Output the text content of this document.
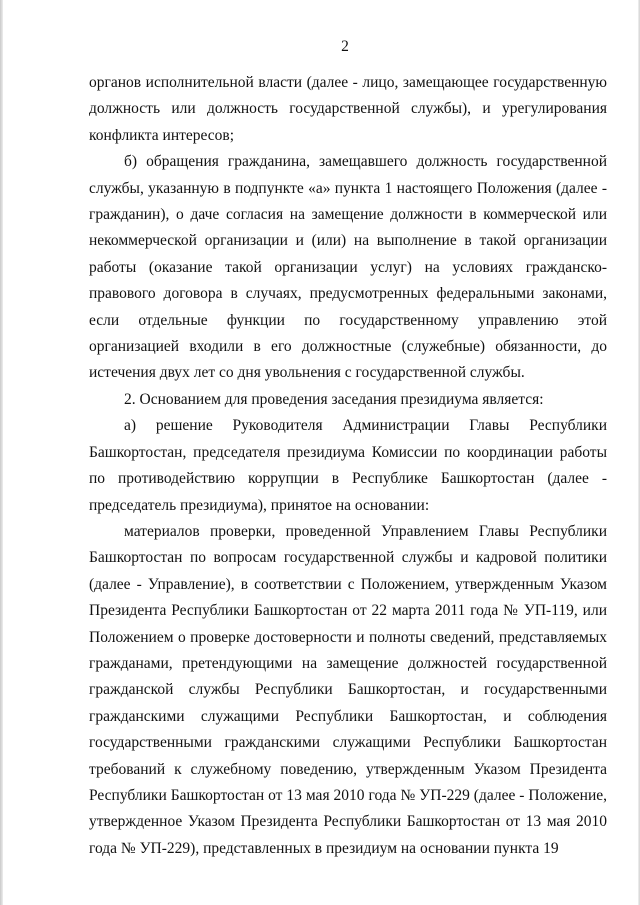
2

органов исполнительной власти (далее - лицо, замещающее государственную должность или должность государственной службы), и урегулирования конфликта интересов;

б) обращения гражданина, замещавшего должность государственной службы, указанную в подпункте «а» пункта 1 настоящего Положения (далее - гражданин), о даче согласия на замещение должности в коммерческой или некоммерческой организации и (или) на выполнение в такой организации работы (оказание такой организации услуг) на условиях гражданско-правового договора в случаях, предусмотренных федеральными законами, если отдельные функции по государственному управлению этой организацией входили в его должностные (служебные) обязанности, до истечения двух лет со дня увольнения с государственной службы.

2. Основанием для проведения заседания президиума является:

а) решение Руководителя Администрации Главы Республики Башкортостан, председателя президиума Комиссии по координации работы по противодействию коррупции в Республике Башкортостан (далее - председатель президиума), принятое на основании:

материалов проверки, проведенной Управлением Главы Республики Башкортостан по вопросам государственной службы и кадровой политики (далее - Управление), в соответствии с Положением, утвержденным Указом Президента Республики Башкортостан от 22 марта 2011 года № УП-119, или Положением о проверке достоверности и полноты сведений, представляемых гражданами, претендующими на замещение должностей государственной гражданской службы Республики Башкортостан, и государственными гражданскими служащими Республики Башкортостан, и соблюдения государственными гражданскими служащими Республики Башкортостан требований к служебному поведению, утвержденным Указом Президента Республики Башкортостан от 13 мая 2010 года № УП-229 (далее - Положение, утвержденное Указом Президента Республики Башкортостан от 13 мая 2010 года № УП-229), представленных в президиум на основании пункта 19
